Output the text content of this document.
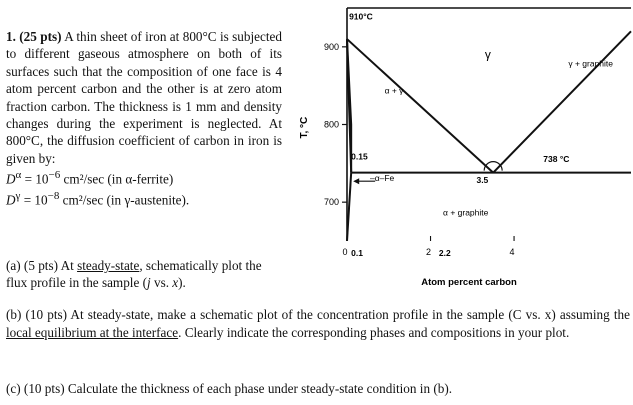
1. (25 pts) A thin sheet of iron at 800°C is subjected to different gaseous atmosphere on both of its surfaces such that the composition of one face is 4 atom percent carbon and the other is at zero atom fraction carbon. The thickness is 1 mm and density changes during the experiment is neglected. At 800°C, the diffusion coefficient of carbon in iron is given by:

$D^\alpha = 10^{-6}$ cm²/sec (in α-ferrite)
$D^\gamma = 10^{-8}$ cm²/sec (in γ-austenite).
(a) (5 pts) At steady-state, schematically plot the flux profile in the sample (j vs. x).
(b) (10 pts) At steady-state, make a schematic plot of the concentration profile in the sample (C vs. x) assuming the local equilibrium at the interface. Clearly indicate the corresponding phases and compositions in your plot.
(c) (10 pts) Calculate the thickness of each phase under steady-state condition in (b).
700
800
900
0	2	4
910°C
γ
α + γ
γ + graphite
0.15	738 °C
3.5
–α–Fe
α + graphite
0.1	2.2
Atom percent carbon
T, °C
